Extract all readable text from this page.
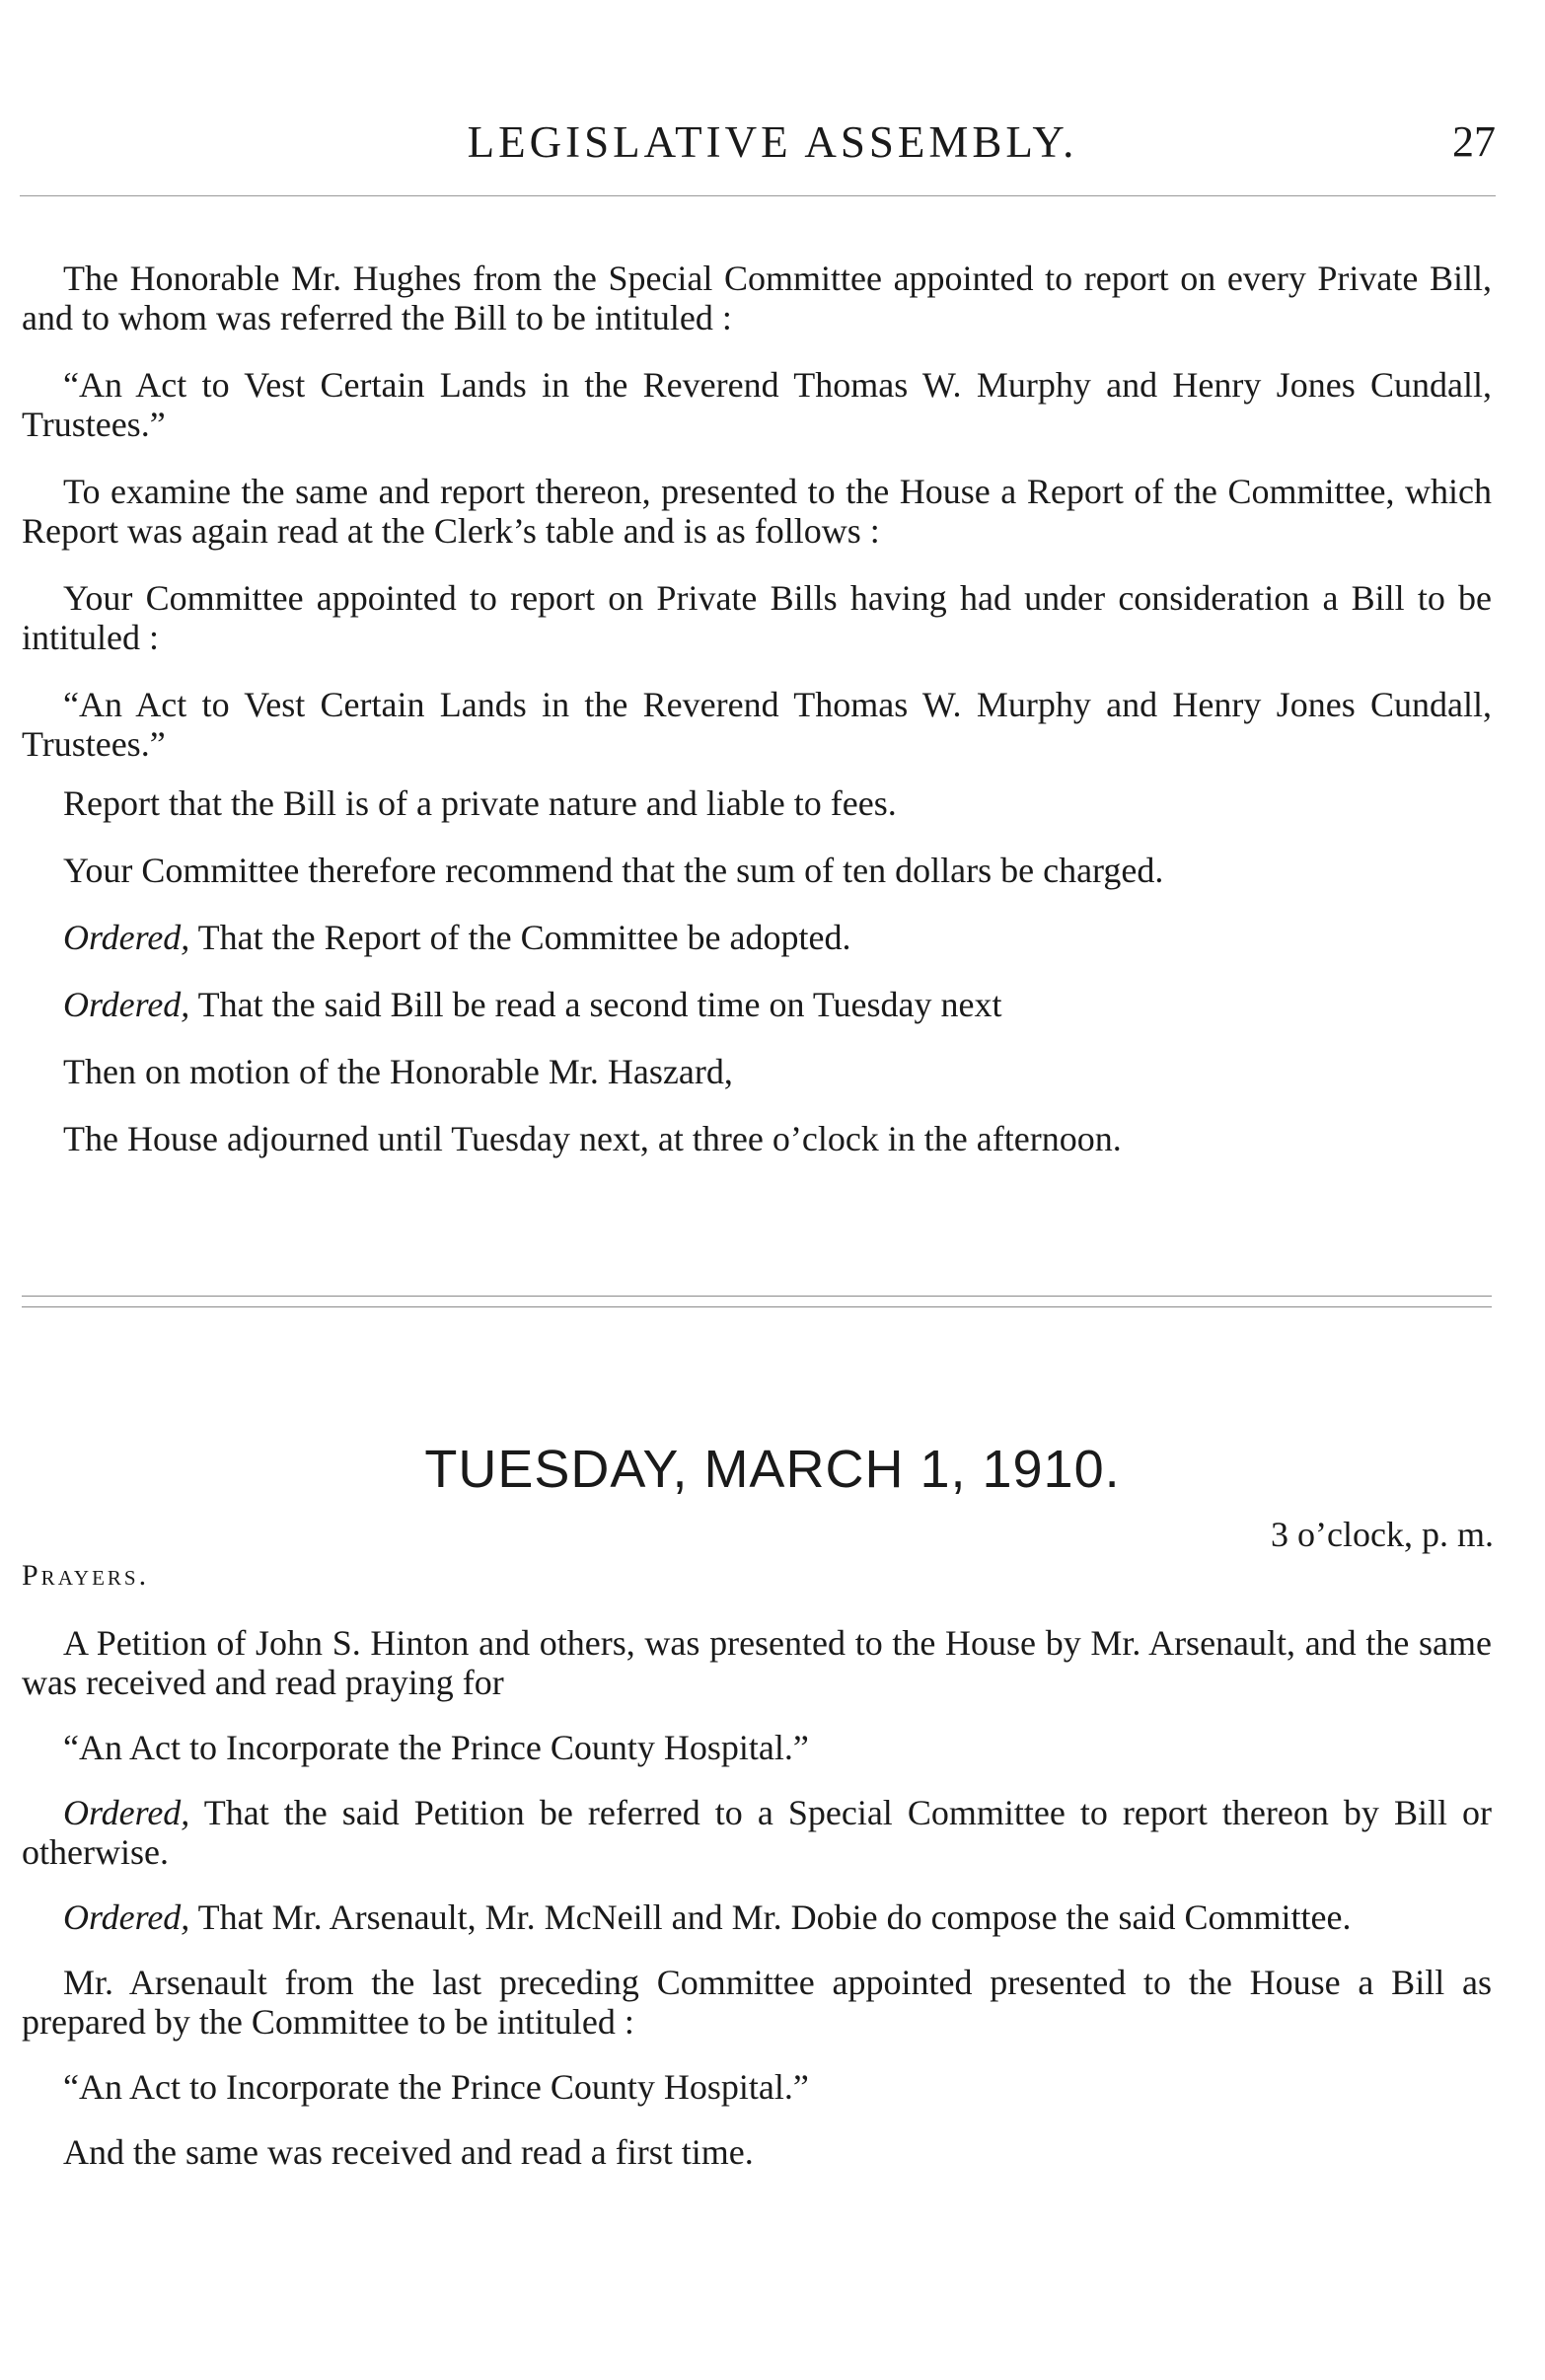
LEGISLATIVE ASSEMBLY.	27

The Honorable Mr. Hughes from the Special Committee appointed to report on every Private Bill, and to whom was referred the Bill to be intituled :

“An Act to Vest Certain Lands in the Reverend Thomas W. Murphy and Henry Jones Cundall, Trustees.”

To examine the same and report thereon, presented to the House a Report of the Committee, which Report was again read at the Clerk’s table and is as follows :

Your Committee appointed to report on Private Bills having had under consideration a Bill to be intituled :

“An Act to Vest Certain Lands in the Reverend Thomas W. Murphy and Henry Jones Cundall, Trustees.”

Report that the Bill is of a private nature and liable to fees.

Your Committee therefore recommend that the sum of ten dollars be charged.

Ordered, That the Report of the Committee be adopted.

Ordered, That the said Bill be read a second time on Tuesday next

Then on motion of the Honorable Mr. Haszard,

The House adjourned until Tuesday next, at three o’clock in the afternoon.

TUESDAY, MARCH 1, 1910.
3 o’clock, p. m.
Prayers.

A Petition of John S. Hinton and others, was presented to the House by Mr. Arsenault, and the same was received and read praying for

“An Act to Incorporate the Prince County Hospital.”

Ordered, That the said Petition be referred to a Special Committee to report thereon by Bill or otherwise.

Ordered, That Mr. Arsenault, Mr. McNeill and Mr. Dobie do compose the said Committee.

Mr. Arsenault from the last preceding Committee appointed presented to the House a Bill as prepared by the Committee to be intituled :

“An Act to Incorporate the Prince County Hospital.”

And the same was received and read a first time.
